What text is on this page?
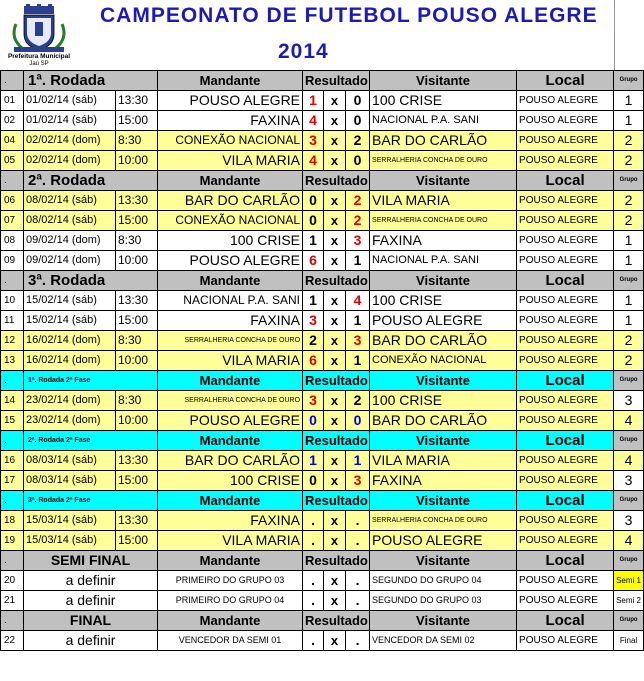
Prefeitura Municipal
Jaú SP
CAMPEONATO DE FUTEBOL POUSO ALEGRE
2014
.	1ª. Rodada		Mandante	Resultado			Visitante	Local	Grupo
01	01/02/14 (sáb)	13:30	POUSO ALEGRE	1	x	0	100 CRISE	POUSO ALEGRE	1
02	01/02/14 (sáb)	15:00	FAXINA	4	x	0	NACIONAL P.A. SANI	POUSO ALEGRE	1
04	02/02/14 (dom)	8:30	CONEXÃO NACIONAL	3	x	2	BAR DO CARLÃO	POUSO ALEGRE	2
05	02/02/14 (dom)	10:00	VILA MARIA	4	x	0	SERRALHERIA CONCHA DE OURO	POUSO ALEGRE	2
.	2ª. Rodada		Mandante	Resultado			Visitante	Local	Grupo
06	08/02/14 (sáb)	13:30	BAR DO CARLÃO	0	x	2	VILA MARIA	POUSO ALEGRE	2
07	08/02/14 (sáb)	15:00	CONEXÃO NACIONAL	0	x	2	SERRALHERIA CONCHA DE OURO	POUSO ALEGRE	2
08	09/02/14 (dom)	8:30	100 CRISE	1	x	3	FAXINA	POUSO ALEGRE	1
09	09/02/14 (dom)	10:00	POUSO ALEGRE	6	x	1	NACIONAL P.A. SANI	POUSO ALEGRE	1
.	3ª. Rodada		Mandante	Resultado			Visitante	Local	Grupo
10	15/02/14 (sáb)	13:30	NACIONAL P.A. SANI	1	x	4	100 CRISE	POUSO ALEGRE	1
11	15/02/14 (sáb)	15:00	FAXINA	3	x	1	POUSO ALEGRE	POUSO ALEGRE	1
12	16/02/14 (dom)	8:30	SERRALHERIA CONCHA DE OURO	2	x	3	BAR DO CARLÃO	POUSO ALEGRE	2
13	16/02/14 (dom)	10:00	VILA MARIA	6	x	1	CONEXÃO NACIONAL	POUSO ALEGRE	2
.	1ª. Rodada 2ª Fase		Mandante	Resultado			Visitante	Local	Grupo
14	23/02/14 (dom)	8:30	SERRALHERIA CONCHA DE OURO	3	x	2	100 CRISE	POUSO ALEGRE	3
15	23/02/14 (dom)	10:00	POUSO ALEGRE	0	x	0	BAR DO CARLÃO	POUSO ALEGRE	4
.	2ª. Rodada 2ª Fase		Mandante	Resultado			Visitante	Local	Grupo
16	08/03/14 (sáb)	13:30	BAR DO CARLÃO	1	x	1	VILA MARIA	POUSO ALEGRE	4
17	08/03/14 (sáb)	15:00	100 CRISE	0	x	3	FAXINA	POUSO ALEGRE	3
.	3ª. Rodada 2ª Fase		Mandante	Resultado			Visitante	Local	Grupo
18	15/03/14 (sáb)	13:30	FAXINA	.	x	.	SERRALHERIA CONCHA DE OURO	POUSO ALEGRE	3
19	15/03/14 (sáb)	15:00	VILA MARIA	.	x	.	POUSO ALEGRE	POUSO ALEGRE	4
.	SEMI FINAL		Mandante	Resultado			Visitante	Local	Grupo
20	a definir		PRIMEIRO DO GRUPO 03	.	x	.	SEGUNDO DO GRUPO 04	POUSO ALEGRE	Semi 1
21	a definir		PRIMEIRO DO GRUPO 04	.	x	.	SEGUNDO DO GRUPO 03	POUSO ALEGRE	Semi 2
.	FINAL		Mandante	Resultado			Visitante	Local	Grupo
22	a definir		VENCEDOR DA SEMI 01	.	x	.	VENCEDOR DA SEMI 02	POUSO ALEGRE	Final
